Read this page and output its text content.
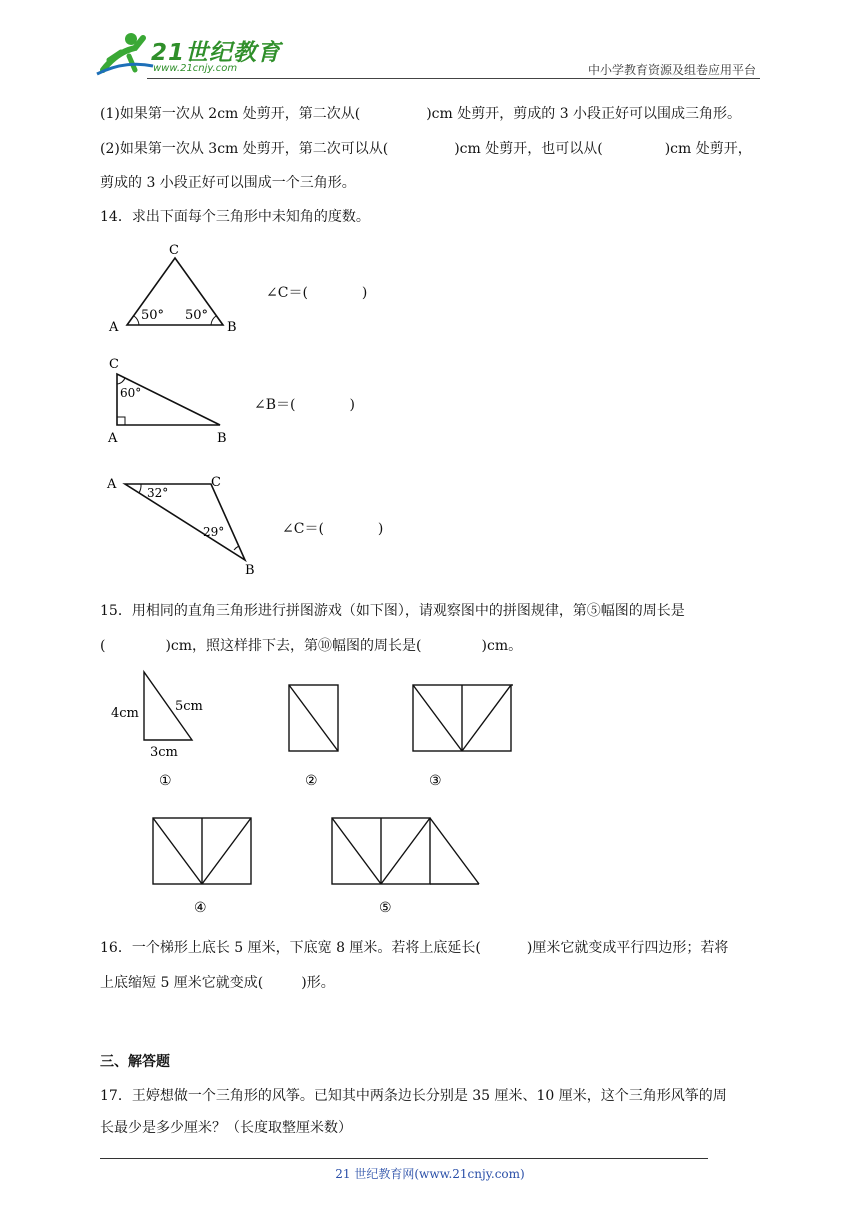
21世纪教育
www.21cnjy.com	中小学教育资源及组卷应用平台
(1)如果第一次从 2cm 处剪开，第二次从(	)cm 处剪开，剪成的 3 小段正好可以围成三角形。
(2)如果第一次从 3cm 处剪开，第二次可以从(	)cm 处剪开，也可以从(	)cm 处剪开，
剪成的 3 小段正好可以围成一个三角形。
14．求出下面每个三角形中未知角的度数。
C
A	B
50° 50°
∠C＝(	)
C
A	B
60°
∠B＝(	)
A	C
B
32°
29°	∠C＝(	)
15．用相同的直角三角形进行拼图游戏（如下图），请观察图中的拼图规律，第⑤幅图的周长是
(	)cm，照这样排下去，第⑩幅图的周长是(	)cm。
4cm	5cm
3cm
①	②	③
④	⑤
16．一个梯形上底长 5 厘米，下底宽 8 厘米。若将上底延长(	)厘米它就变成平行四边形；若将
上底缩短 5 厘米它就变成(	)形。
三、解答题
17．王婷想做一个三角形的风筝。已知其中两条边长分别是 35 厘米、10 厘米，这个三角形风筝的周
长最少是多少厘米？（长度取整厘米数）
21 世纪教育网(www.21cnjy.com)
